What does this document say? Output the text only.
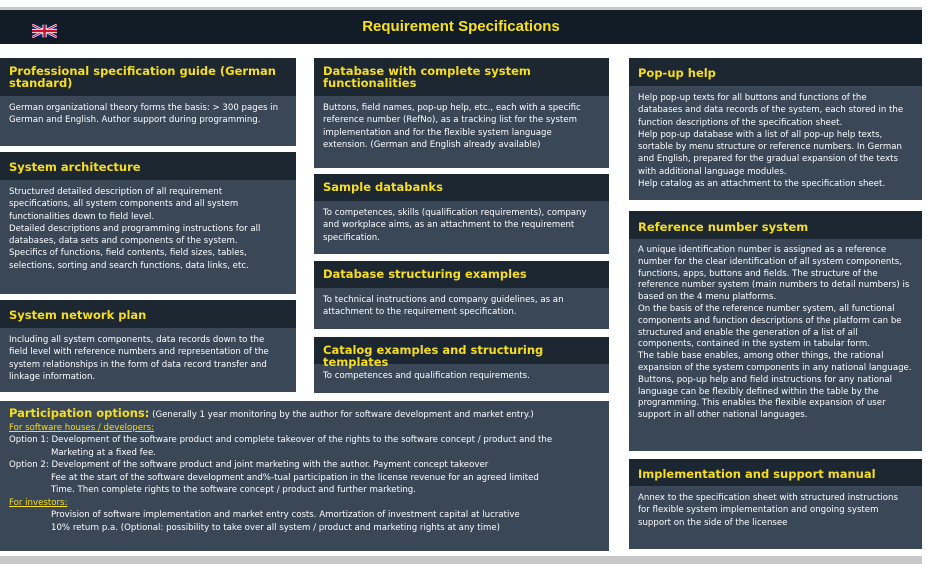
Requirement Specifications
Professional specification guide (German standard)
German organizational theory forms the basis: > 300 pages in
German and English. Author support during programming.
System architecture
Structured detailed description of all requirement
specifications, all system components and all system
functionalities down to field level.
Detailed descriptions and programming instructions for all
databases, data sets and components of the system.
Specifics of functions, field contents, field sizes, tables,
selections, sorting and search functions, data links, etc.
System network plan
Including all system components, data records down to the
field level with reference numbers and representation of the
system relationships in the form of data record transfer and
linkage information.
Database with complete system functionalities
Buttons, field names, pop-up help, etc., each with a specific
reference number (RefNo), as a tracking list for the system
implementation and for the flexible system language
extension. (German and English already available)
Sample databanks
To competences, skills (qualification requirements), company
and workplace aims, as an attachment to the requirement
specification.
Database structuring examples
To technical instructions and company guidelines, as an
attachment to the requirement specification.
Catalog examples and structuring templates
To competences and qualification requirements.
Pop-up help
Help pop-up texts for all buttons and functions of the
databases and data records of the system, each stored in the
function descriptions of the specification sheet.
Help pop-up database with a list of all pop-up help texts,
sortable by menu structure or reference numbers. In German
and English, prepared for the gradual expansion of the texts
with additional language modules.
Help catalog as an attachment to the specification sheet.
Reference number system
A unique identification number is assigned as a reference
number for the clear identification of all system components,
functions, apps, buttons and fields. The structure of the
reference number system (main numbers to detail numbers) is
based on the 4 menu platforms.
On the basis of the reference number system, all functional
components and function descriptions of the platform can be
structured and enable the generation of a list of all
components, contained in the system in tabular form.
The table base enables, among other things, the rational
expansion of the system components in any national language.
Buttons, pop-up help and field instructions for any national
language can be flexibly defined within the table by the
programming. This enables the flexible expansion of user
support in all other national languages.
Implementation and support manual
Annex to the specification sheet with structured instructions
for flexible system implementation and ongoing system
support on the side of the licensee
Participation options: (Generally 1 year monitoring by the author for software development and market entry.)
For software houses / developers:
Option 1: Development of the software product and complete takeover of the rights to the software concept / product and the
Marketing at a fixed fee.
Option 2: Development of the software product and joint marketing with the author. Payment concept takeover
Fee at the start of the software development and%-tual participation in the license revenue for an agreed limited
Time. Then complete rights to the software concept / product and further marketing.
For investors:
Provision of software implementation and market entry costs. Amortization of investment capital at lucrative
10% return p.a. (Optional: possibility to take over all system / product and marketing rights at any time)
